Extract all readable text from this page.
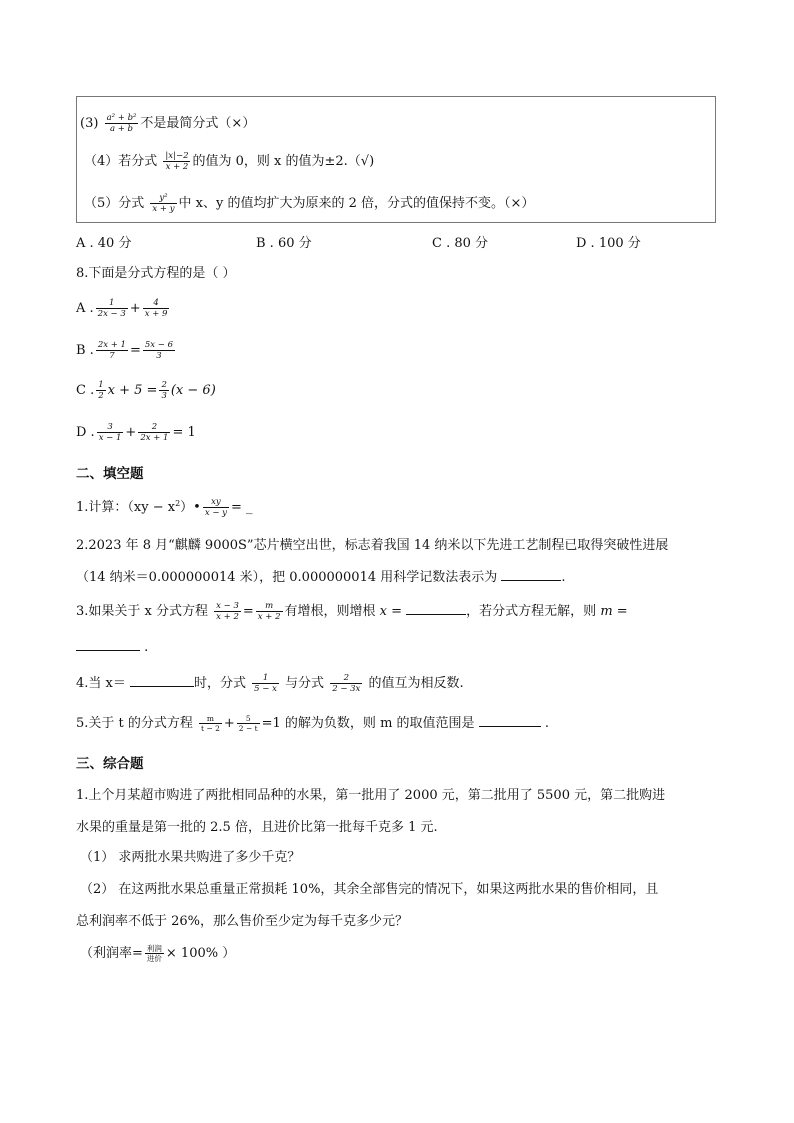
$(3) \frac{\text{a² + b²}}{a + b}$ 不是最简分式（×）
（4）若分式 $\frac{|x|-2}{x + 2}$ 的值为 0，则 x 的值为±2.（√)
（5）分式 $\frac{\text{y²}}{x + y}$ 中 x、y 的值均扩大为原来的 2 倍，分式的值保持不变。（×）
A . 40 分	B . 60 分	C . 80 分	D . 100 分
8.下面是分式方程的是（ ）
A . $\frac{1}{2x - 3} + \frac{4}{x + 9}$
B . $\frac{2x + 1}{7} = \frac{5x - 6}{3}$
C . $\frac{1}{2}$ $x + 5 = \frac{2}{3} (x - 6)$
D . $\frac{3}{x - 1} + \frac{2}{2x + 1} = 1$
二、填空题
1.计算：$(xy - x^2)• \frac{xy}{x - y}$ = _
2.2023 年 8 月“麒麟 9000S”芯片横空出世，标志着我国 14 纳米以下先进工艺制程已取得突破性进展
（14 纳米＝0.000000014 米），把 0.000000014 用科学记数法表示为	.
3.如果关于 x 分式方程 $\frac{x - 3}{x + 2} = \frac{m}{x + 2}$ 有增根，则增根 x =	，若分式方程无解，则 m =
.
4.当 x＝	时，分式 $\frac{1}{5 - x}$ 与分式 $\frac{2}{2 - 3x}$ 的值互为相反数.
5.关于 t 的分式方程 $\frac{m}{t - 2} + \frac{5}{2 - t} =1$ 的解为负数，则 m 的取值范围是	.
三、综合题
1.上个月某超市购进了两批相同品种的水果，第一批用了 2000 元，第二批用了 5500 元，第二批购进
水果的重量是第一批的 2.5 倍，且进价比第一批每千克多 1 元.
（1） 求两批水果共购进了多少千克？
（2） 在这两批水果总重量正常损耗 10%，其余全部售完的情况下，如果这两批水果的售价相同，且
总利润率不低于 26%，那么售价至少定为每千克多少元？
（利润率= $\frac{\text{利润}}{\text{进价}} \times 100\%$ ）
